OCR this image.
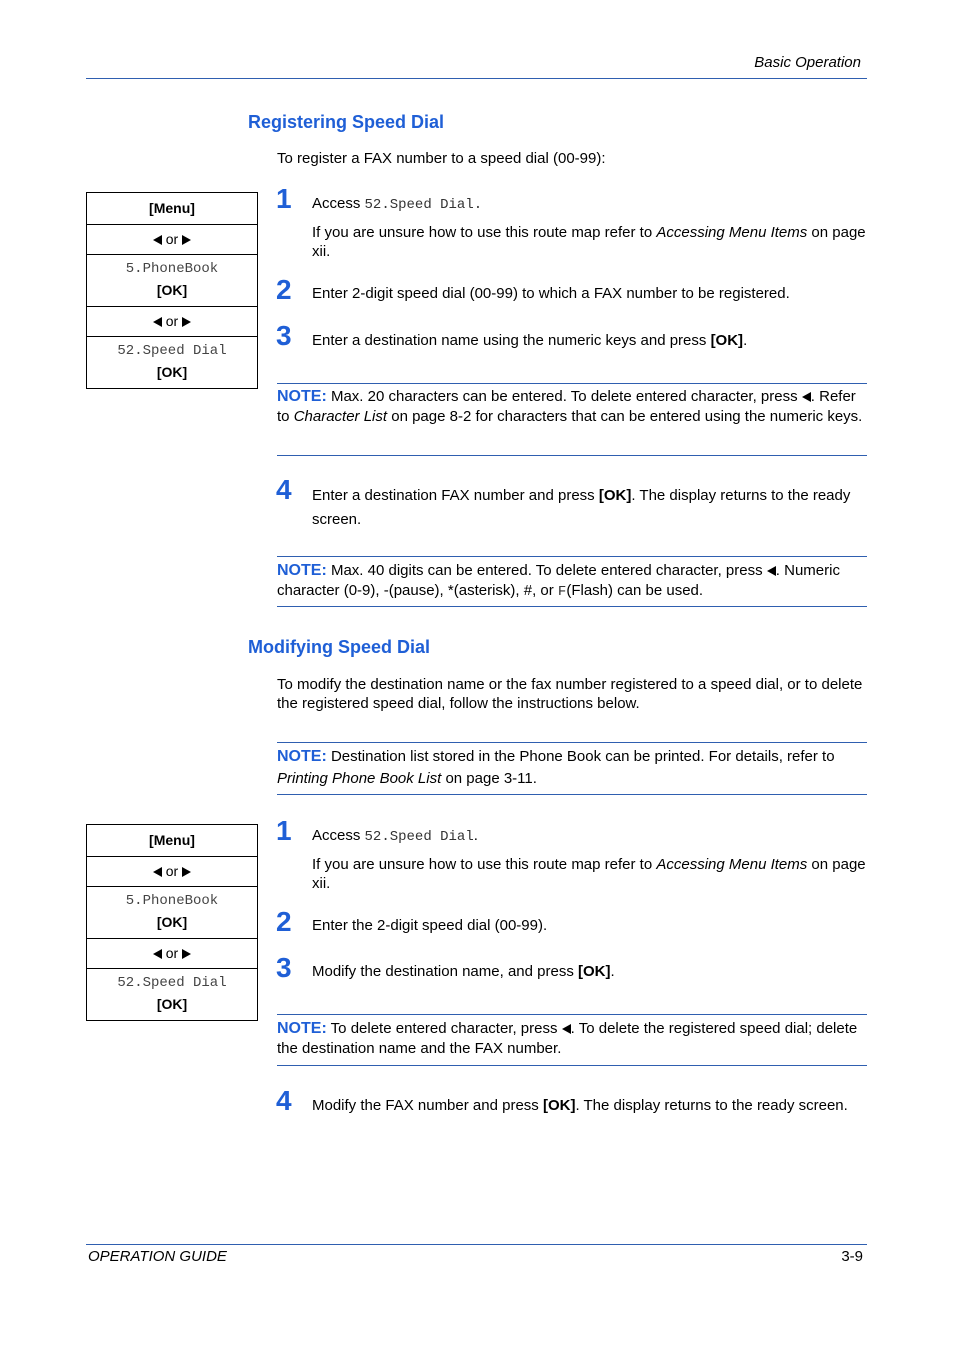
Basic Operation
Registering Speed Dial
To register a FAX number to a speed dial (00-99):
[Menu]
or
5.PhoneBook
[OK]
or
52.Speed Dial
[OK]
1 Access 52.Speed Dial.
If you are unsure how to use this route map refer to Accessing Menu Items on page xii.
2 Enter 2-digit speed dial (00-99) to which a FAX number to be registered.
3 Enter a destination name using the numeric keys and press [OK].
NOTE: Max. 20 characters can be entered. To delete entered character, press . Refer to Character List on page 8-2 for characters that can be entered using the numeric keys.
4 Enter a destination FAX number and press [OK]. The display returns to the ready screen.
NOTE: Max. 40 digits can be entered. To delete entered character, press . Numeric character (0-9), -(pause), *(asterisk), #, or F(Flash) can be used.
Modifying Speed Dial
To modify the destination name or the fax number registered to a speed dial, or to delete the registered speed dial, follow the instructions below.
NOTE: Destination list stored in the Phone Book can be printed. For details, refer to Printing Phone Book List on page 3-11.
[Menu]
or
5.PhoneBook
[OK]
or
52.Speed Dial
[OK]
1 Access 52.Speed Dial.
If you are unsure how to use this route map refer to Accessing Menu Items on page xii.
2 Enter the 2-digit speed dial (00-99).
3 Modify the destination name, and press [OK].
NOTE: To delete entered character, press . To delete the registered speed dial; delete the destination name and the FAX number.
4 Modify the FAX number and press [OK]. The display returns to the ready screen.
OPERATION GUIDE	3-9
